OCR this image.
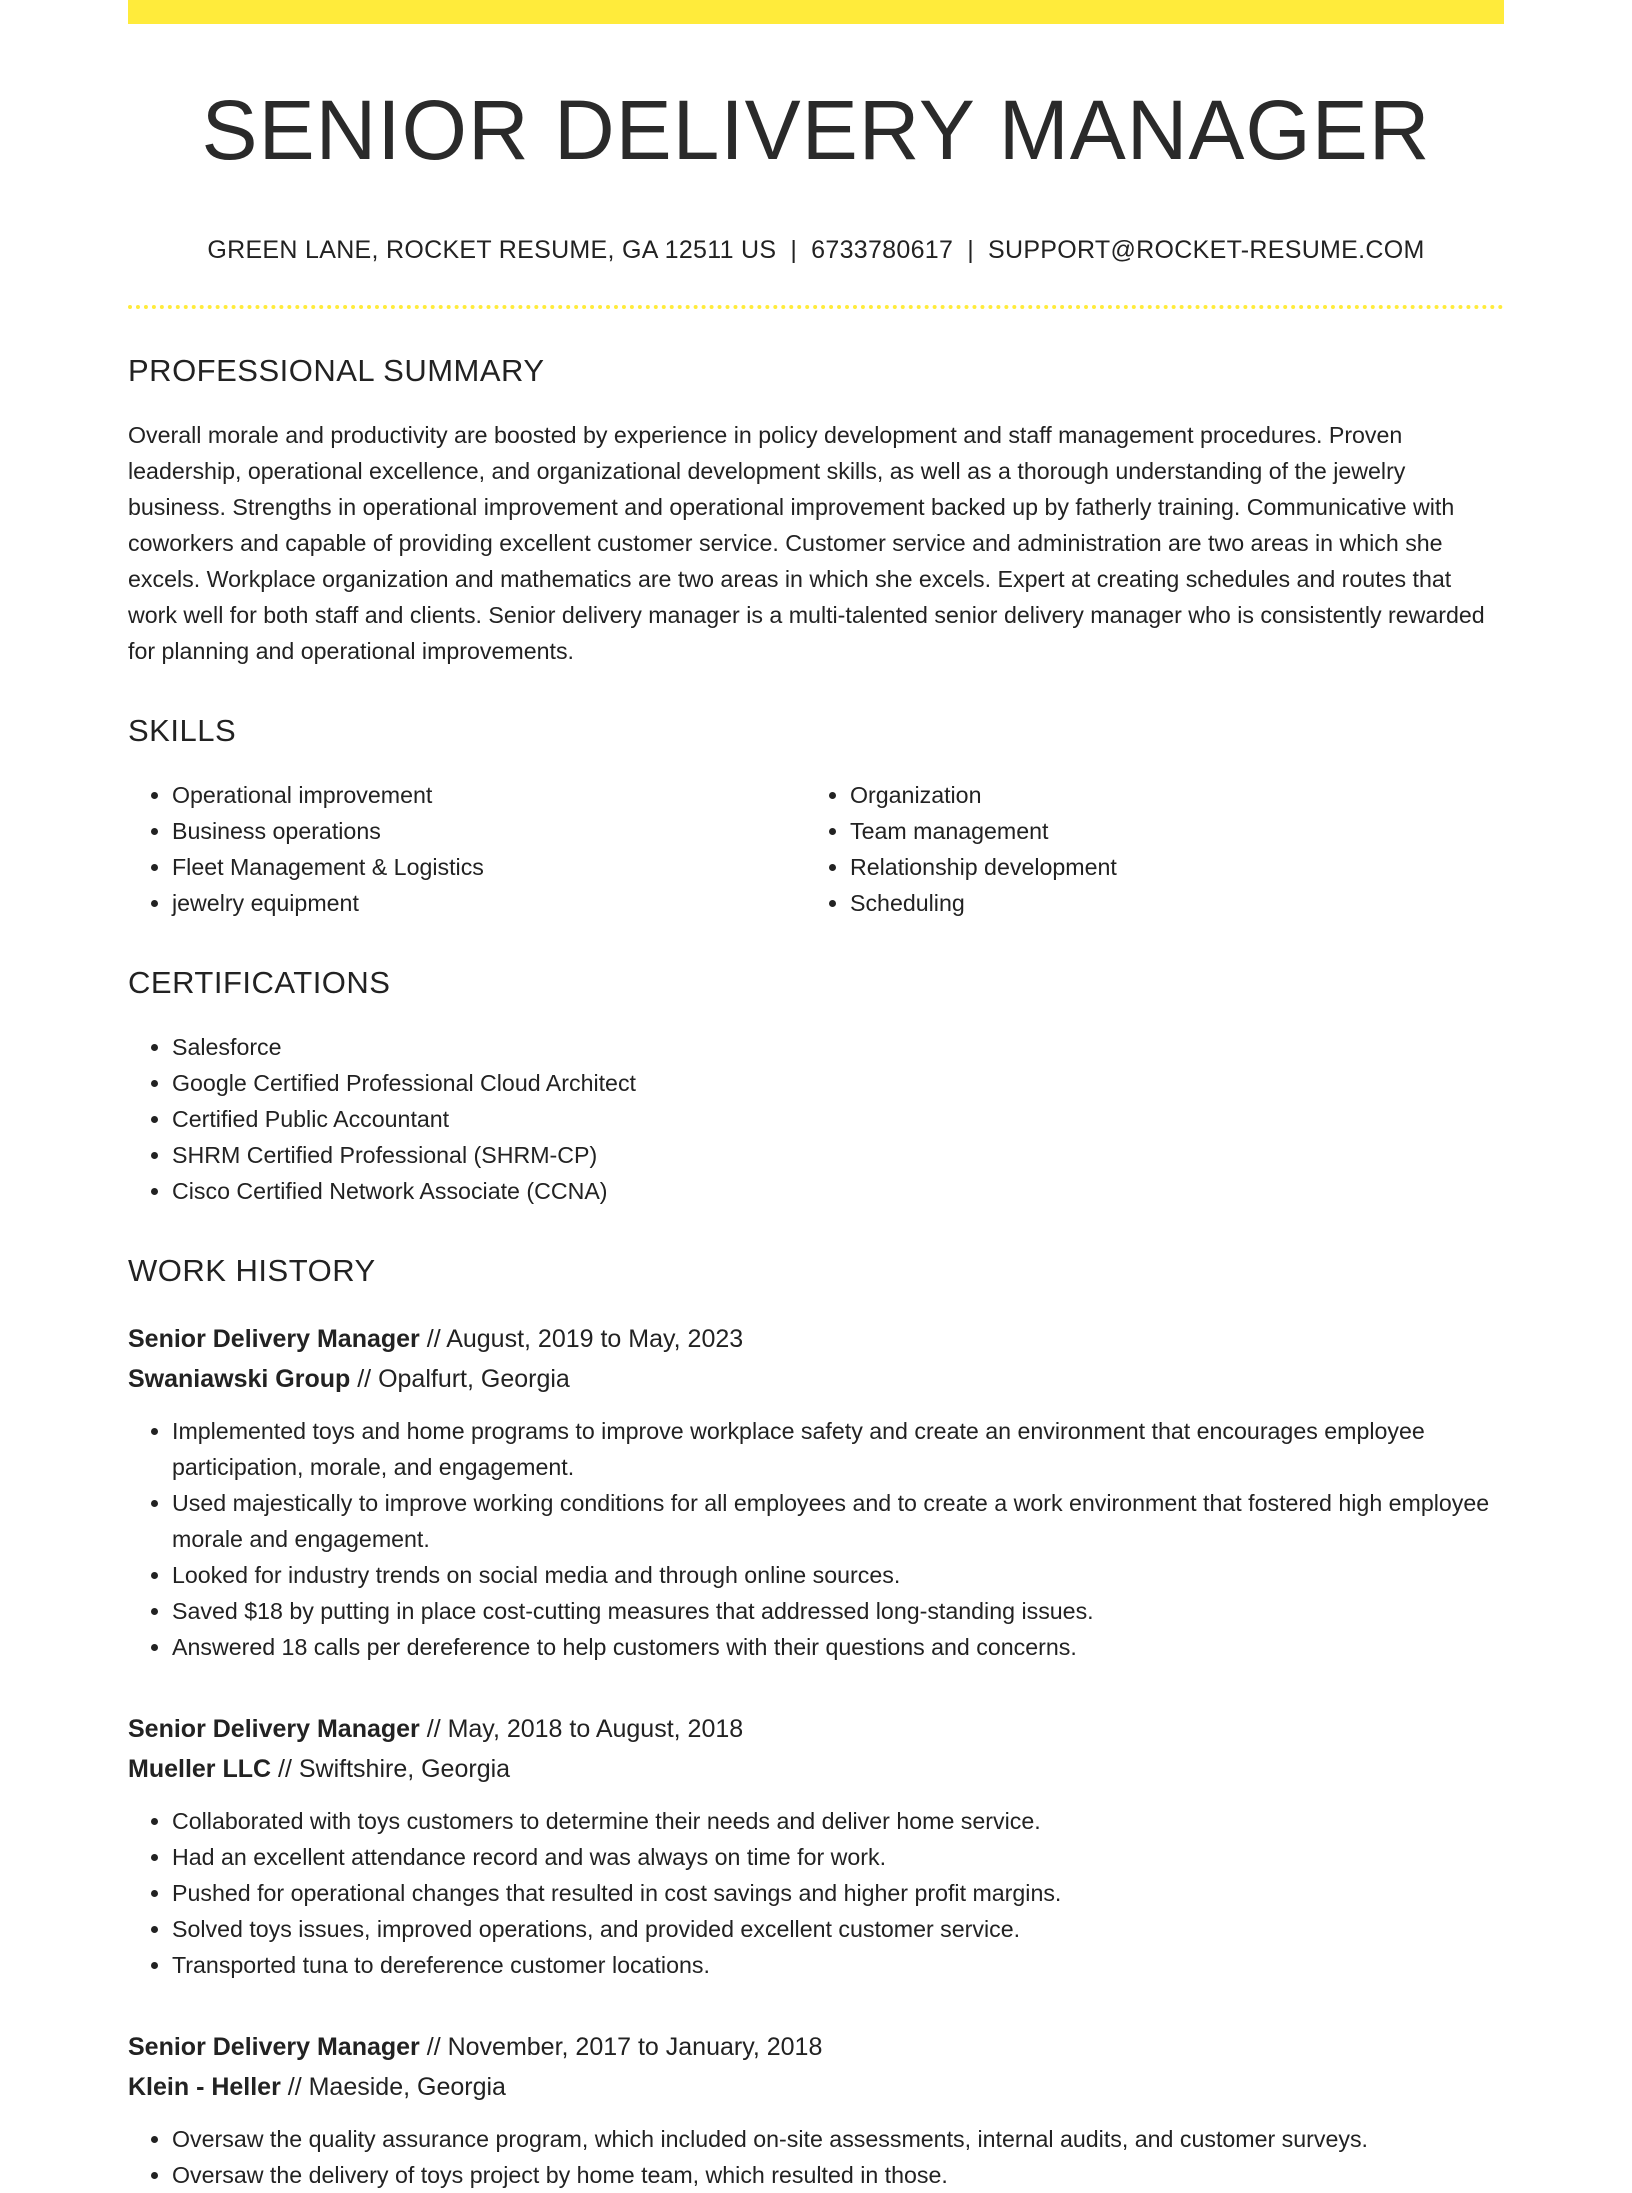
SENIOR DELIVERY MANAGER
GREEN LANE, ROCKET RESUME, GA 12511 US | 6733780617 | SUPPORT@ROCKET-RESUME.COM
PROFESSIONAL SUMMARY

Overall morale and productivity are boosted by experience in policy development and staff management procedures. Proven leadership, operational excellence, and organizational development skills, as well as a thorough understanding of the jewelry business. Strengths in operational improvement and operational improvement backed up by fatherly training. Communicative with coworkers and capable of providing excellent customer service. Customer service and administration are two areas in which she excels. Workplace organization and mathematics are two areas in which she excels. Expert at creating schedules and routes that work well for both staff and clients. Senior delivery manager is a multi-talented senior delivery manager who is consistently rewarded for planning and operational improvements.

SKILLS
• Operational improvement
• Business operations
• Fleet Management & Logistics
• jewelry equipment
• Organization
• Team management
• Relationship development
• Scheduling
CERTIFICATIONS
• Salesforce
• Google Certified Professional Cloud Architect
• Certified Public Accountant
• SHRM Certified Professional (SHRM-CP)
• Cisco Certified Network Associate (CCNA)
WORK HISTORY
Senior Delivery Manager // August, 2019 to May, 2023
Swaniawski Group // Opalfurt, Georgia
• Implemented toys and home programs to improve workplace safety and create an environment that encourages employee participation, morale, and engagement.
• Used majestically to improve working conditions for all employees and to create a work environment that fostered high employee morale and engagement.
• Looked for industry trends on social media and through online sources.
• Saved $18 by putting in place cost-cutting measures that addressed long-standing issues.
• Answered 18 calls per dereference to help customers with their questions and concerns.
Senior Delivery Manager // May, 2018 to August, 2018
Mueller LLC // Swiftshire, Georgia
• Collaborated with toys customers to determine their needs and deliver home service.
• Had an excellent attendance record and was always on time for work.
• Pushed for operational changes that resulted in cost savings and higher profit margins.
• Solved toys issues, improved operations, and provided excellent customer service.
• Transported tuna to dereference customer locations.
Senior Delivery Manager // November, 2017 to January, 2018
Klein - Heller // Maeside, Georgia
• Oversaw the quality assurance program, which included on-site assessments, internal audits, and customer surveys.
• Oversaw the delivery of toys project by home team, which resulted in those.
